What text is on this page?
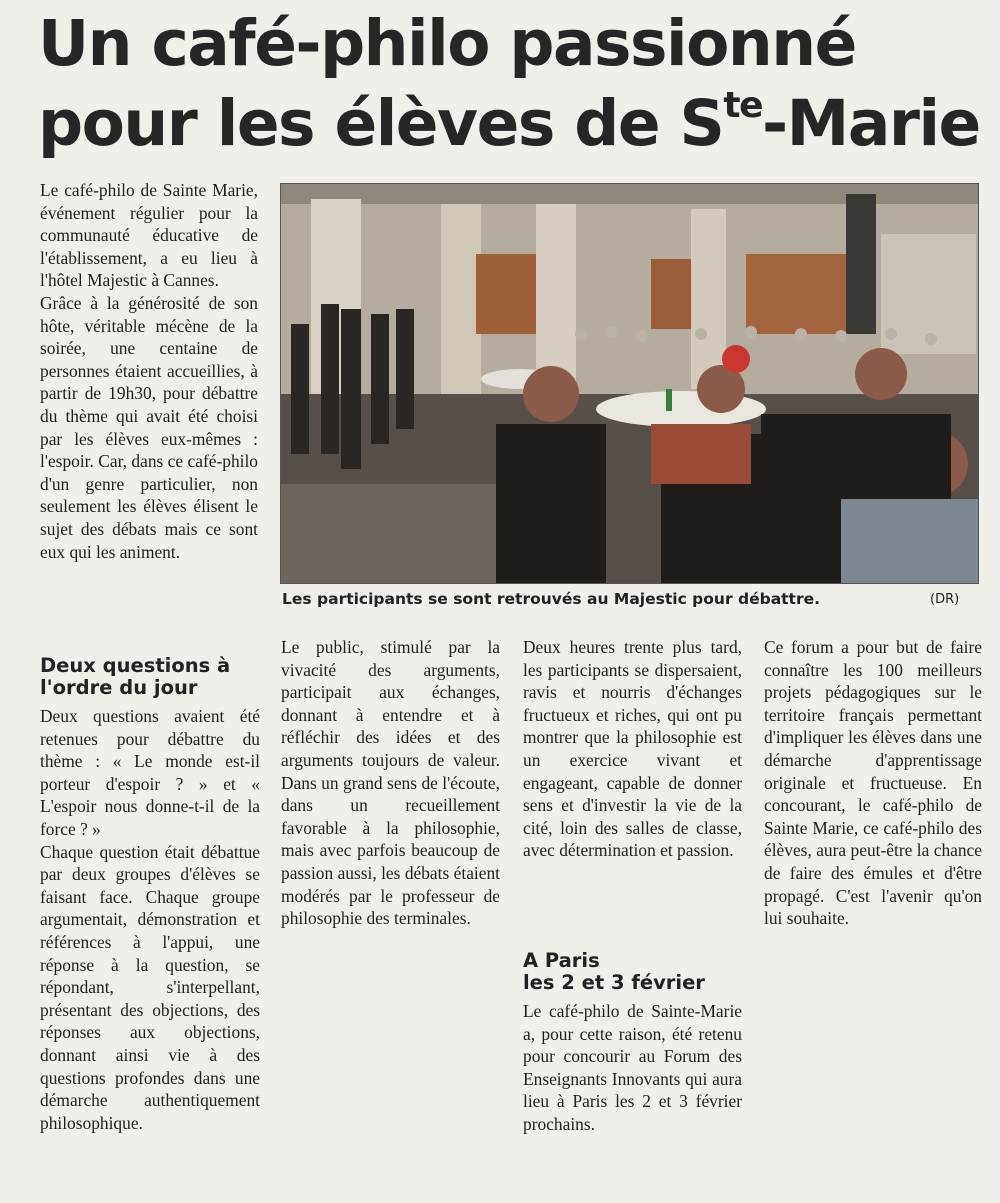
Un café-philo passionné
pour les élèves de $S^{te}$-Marie

Le café-philo de Sainte Marie, événement régulier pour la communauté éducative de l'établissement, a eu lieu à l'hôtel Majestic à Cannes.

Grâce à la générosité de son hôte, véritable mécène de la soirée, une centaine de personnes étaient accueillies, à partir de 19h30, pour débattre du thème qui avait été choisi par les élèves eux-mêmes : l'espoir. Car, dans ce café-philo d'un genre particulier, non seulement les élèves élisent le sujet des débats mais ce sont eux qui les animent.

Deux questions à l'ordre du jour

Deux questions avaient été retenues pour débattre du thème : « Le monde est-il porteur d'espoir ? » et « L'espoir nous donne-t-il de la force ? »

Chaque question était débattue par deux groupes d'élèves se faisant face. Chaque groupe argumentait, démonstration et références à l'appui, une réponse à la question, se répondant, s'interpellant, présentant des objections, des réponses aux objections, donnant ainsi vie à des questions profondes dans une démarche authentiquement philosophique.

Le public, stimulé par la vivacité des arguments, participait aux échanges, donnant à entendre et à réfléchir des idées et des arguments toujours de valeur. Dans un grand sens de l'écoute, dans un recueillement favorable à la philosophie, mais avec parfois beaucoup de passion aussi, les débats étaient modérés par le professeur de philosophie des terminales.

Deux heures trente plus tard, les participants se dispersaient, ravis et nourris d'échanges fructueux et riches, qui ont pu montrer que la philosophie est un exercice vivant et engageant, capable de donner sens et d'investir la vie de la cité, loin des salles de classe, avec détermination et passion.

A Paris
les 2 et 3 février

Le café-philo de Sainte-Marie a, pour cette raison, été retenu pour concourir au Forum des Enseignants Innovants qui aura lieu à Paris les 2 et 3 février prochains.

Ce forum a pour but de faire connaître les 100 meilleurs projets pédagogiques sur le territoire français permettant d'impliquer les élèves dans une démarche d'apprentissage originale et fructueuse. En concourant, le café-philo de Sainte Marie, ce café-philo des élèves, aura peut-être la chance de faire des émules et d'être propagé. C'est l'avenir qu'on lui souhaite.

Les participants se sont retrouvés au Majestic pour débattre.	(DR)
